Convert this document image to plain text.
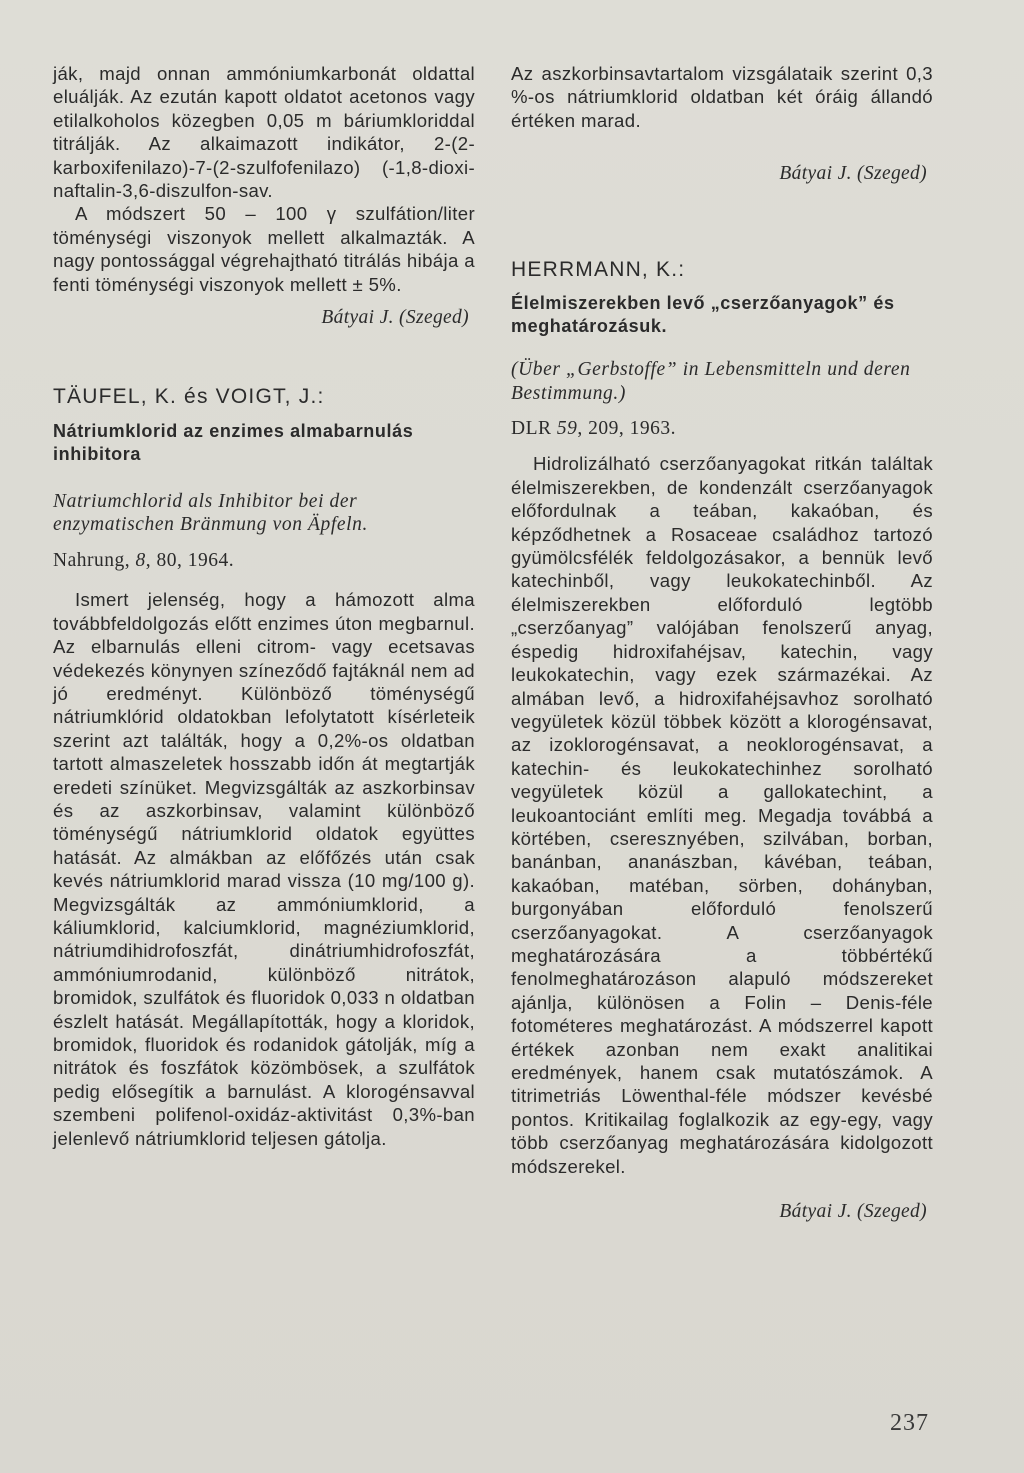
ják, majd onnan ammóniumkarbonát oldattal eluálják. Az ezután kapott oldatot acetonos vagy etilalkoholos közegben 0,05 m báriumkloriddal titrálják. Az alkaimazott indikátor, 2-(2-karboxifenilazo)-7-(2-szulfofenilazo) (-1,8-dioxi-naftalin-3,6-diszulfon-sav.

A módszert 50 – 100 γ szulfátion/liter töménységi viszonyok mellett alkalmazták. A nagy pontossággal végrehajtható titrálás hibája a fenti töménységi viszonyok mellett ± 5%.

Bátyai J. (Szeged)

TÄUFEL, K. és VOIGT, J.:

Nátriumklorid az enzimes almabarnulás inhibitora

Natriumchlorid als Inhibitor bei der enzymatischen Bränmung von Äpfeln.

Nahrung, 8, 80, 1964.

Ismert jelenség, hogy a hámozott alma továbbfeldolgozás előtt enzimes úton megbarnul. Az elbarnulás elleni citrom- vagy ecetsavas védekezés könynyen színeződő fajtáknál nem ad jó eredményt. Különböző töménységű nátriumklórid oldatokban lefolytatott kísérleteik szerint azt találták, hogy a 0,2%-os oldatban tartott almaszeletek hosszabb időn át megtartják eredeti színüket. Megvizsgálták az aszkorbinsav és az aszkorbinsav, valamint különböző töménységű nátriumklorid oldatok együttes hatását. Az almákban az előfőzés után csak kevés nátriumklorid marad vissza (10 mg/100 g). Megvizsgálták az ammóniumklorid, a káliumklorid, kalciumklorid, magnéziumklorid, nátriumdihidrofoszfát, dinátriumhidrofoszfát, ammóniumrodanid, különböző nitrátok, bromidok, szulfátok és fluoridok 0,033 n oldatban észlelt hatását. Megállapították, hogy a kloridok, bromidok, fluoridok és rodanidok gátolják, míg a nitrátok és foszfátok közömbösek, a szulfátok pedig elősegítik a barnulást. A klorogénsavval szembeni polifenol-oxidáz-aktivitást 0,3%-ban jelenlevő nátriumklorid teljesen gátolja.

Az aszkorbinsavtartalom vizsgálataik szerint 0,3 %-os nátriumklorid oldatban két óráig állandó értéken marad.

Bátyai J. (Szeged)

HERRMANN, K.:

Élelmiszerekben levő „cserzőanyagok” és meghatározásuk.

(Über „Gerbstoffe” in Lebensmitteln und deren Bestimmung.)

DLR 59, 209, 1963.

Hidrolizálható cserzőanyagokat ritkán találtak élelmiszerekben, de kondenzált cserzőanyagok előfordulnak a teában, kakaóban, és képződhetnek a Rosaceae családhoz tartozó gyümölcsfélék feldolgozásakor, a bennük levő katechinből, vagy leukokatechinből. Az élelmiszerekben előforduló legtöbb „cserzőanyag” valójában fenolszerű anyag, éspedig hidroxifahéjsav, katechin, vagy leukokatechin, vagy ezek származékai. Az almában levő, a hidroxifahéjsavhoz sorolható vegyületek közül többek között a klorogénsavat, az izoklorogénsavat, a neoklorogénsavat, a katechin- és leukokatechinhez sorolható vegyületek közül a gallokatechint, a leukoantociánt említi meg. Megadja továbbá a körtében, cseresznyében, szilvában, borban, banánban, ananászban, kávéban, teában, kakaóban, matéban, sörben, dohányban, burgonyában előforduló fenolszerű cserzőanyagokat. A cserzőanyagok meghatározására a többértékű fenolmeghatározáson alapuló módszereket ajánlja, különösen a Folin – Denis-féle fotométeres meghatározást. A módszerrel kapott értékek azonban nem exakt analitikai eredmények, hanem csak mutatószámok. A titrimetriás Löwenthal-féle módszer kevésbé pontos. Kritikailag foglalkozik az egy-egy, vagy több cserzőanyag meghatározására kidolgozott módszerekel.

Bátyai J. (Szeged)

237
